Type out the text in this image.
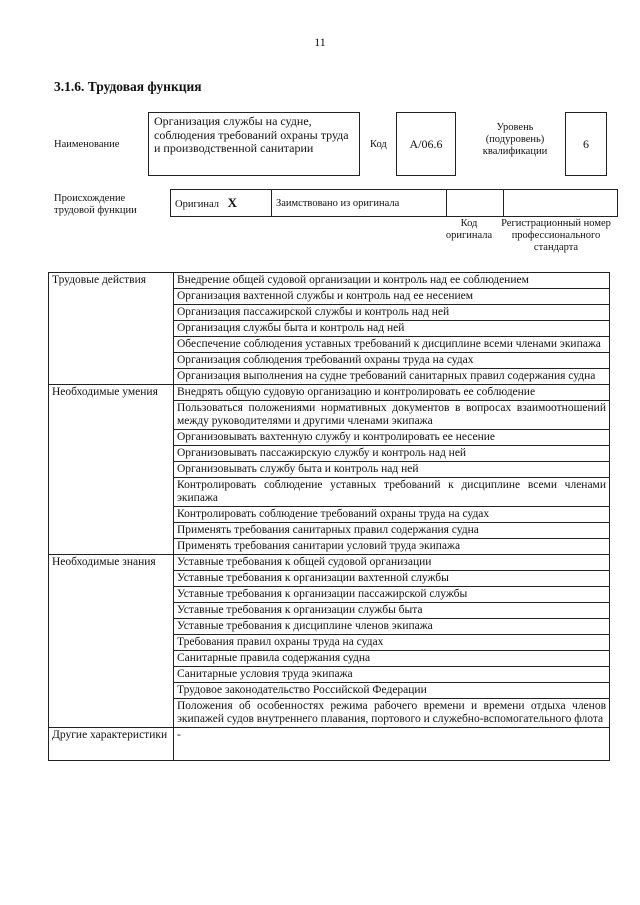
11
3.1.6. Трудовая функция
Наименование
Организация службы на судне, соблюдения требований охраны труда и производственной санитарии	Код	А/06.6
Уровень (подуровень) квалификации
6
Происхождение трудовой функции
Оригинал X	Заимствовано из оригинала		
Код оригинала
Регистрационный номер профессионального стандарта
Трудовые действия	Внедрение общей судовой организации и контроль над ее соблюдением
	Организация вахтенной службы и контроль над ее несением
	Организация пассажирской службы и контроль над ней
	Организация службы быта и контроль над ней
	Обеспечение соблюдения уставных требований к дисциплине всеми членами экипажа
	Организация соблюдения требований охраны труда на судах
	Организация выполнения на судне требований санитарных правил содержания судна
Необходимые умения	Внедрять общую судовую организацию и контролировать ее соблюдение
	Пользоваться положениями нормативных документов в вопросах взаимоотношений между руководителями и другими членами экипажа
	Организовывать вахтенную службу и контролировать ее несение
	Организовывать пассажирскую службу и контроль над ней
	Организовывать службу быта и контроль над ней
	Контролировать соблюдение уставных требований к дисциплине всеми членами экипажа
	Контролировать соблюдение требований охраны труда на судах
	Применять требования санитарных правил содержания судна
	Применять требования санитарии условий труда экипажа
Необходимые знания	Уставные требования к общей судовой организации
	Уставные требования к организации вахтенной службы
	Уставные требования к организации пассажирской службы
	Уставные требования к организации службы быта
	Уставные требования к дисциплине членов экипажа
	Требования правил охраны труда на судах
	Санитарные правила содержания судна
	Санитарные условия труда экипажа
	Трудовое законодательство Российской Федерации
	Положения об особенностях режима рабочего времени и времени отдыха членов экипажей судов внутреннего плавания, портового и служебно-вспомогательного флота
Другие характеристики	-
